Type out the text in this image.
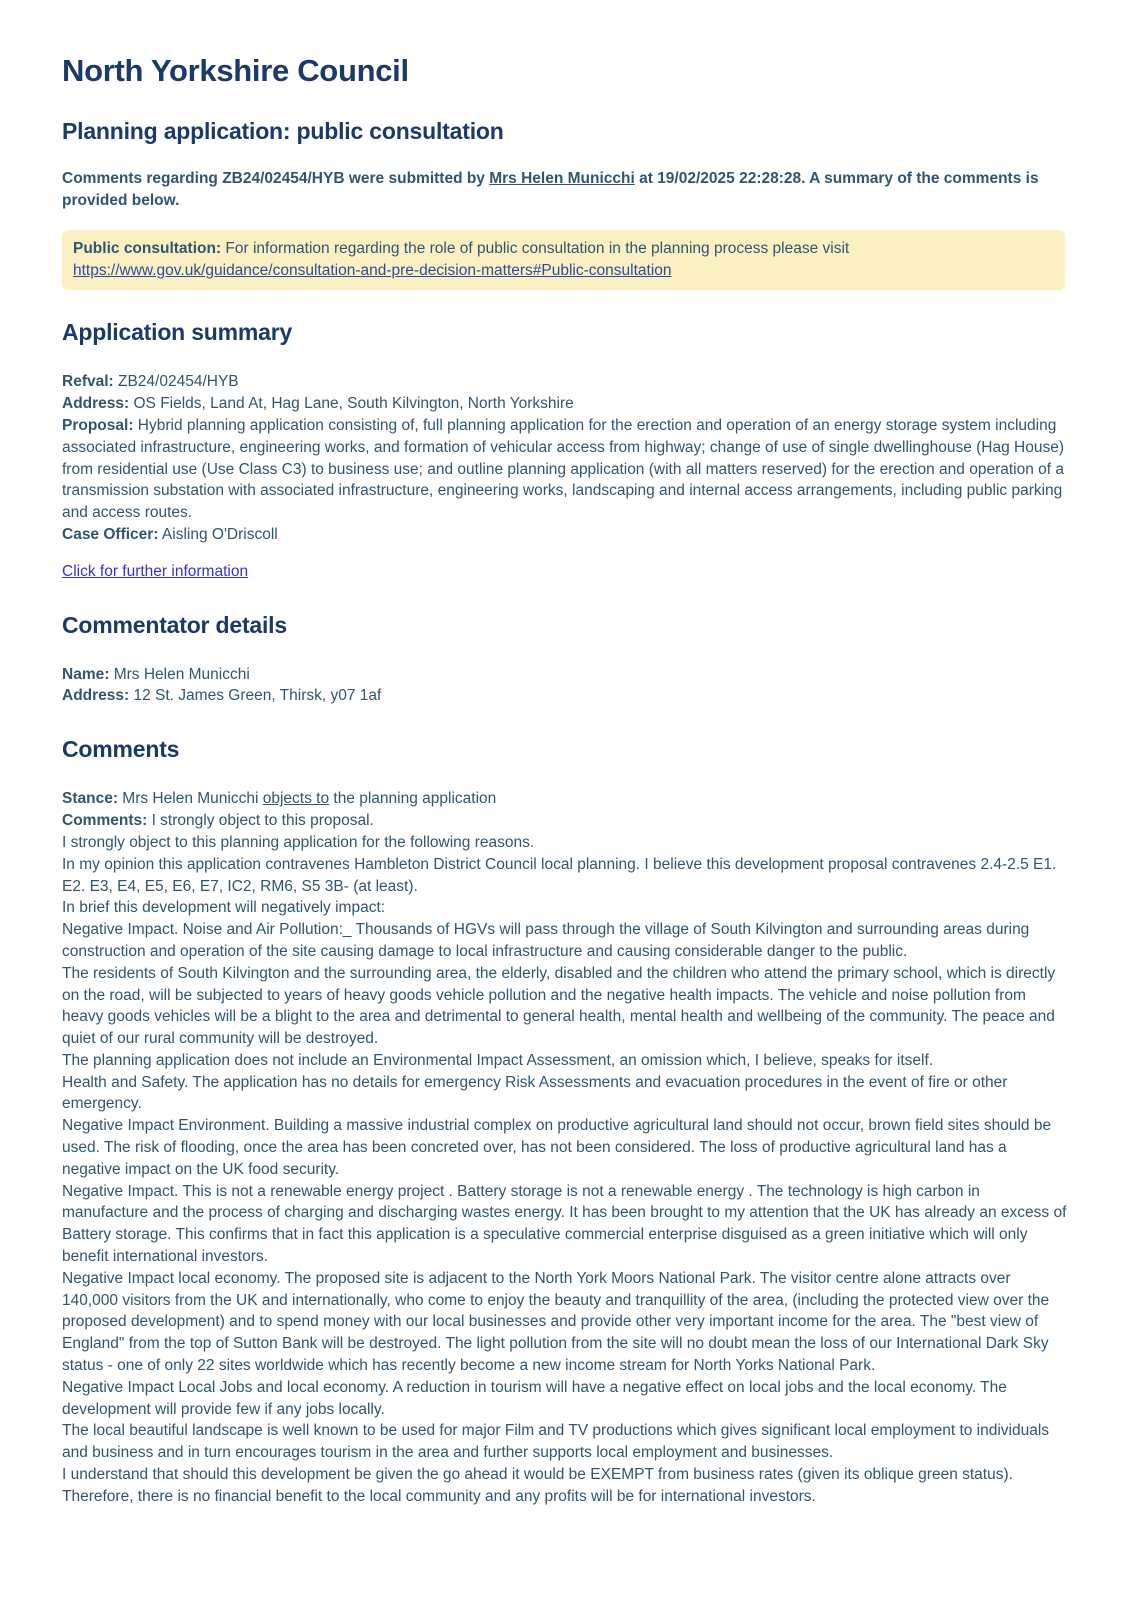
North Yorkshire Council
Planning application: public consultation

Comments regarding ZB24/02454/HYB were submitted by Mrs Helen Municchi at 19/02/2025 22:28:28. A summary of the comments is provided below.

Public consultation: For information regarding the role of public consultation in the planning process please visit
https://www.gov.uk/guidance/consultation-and-pre-decision-matters#Public-consultation
Application summary
Refval: ZB24/02454/HYB
Address: OS Fields, Land At, Hag Lane, South Kilvington, North Yorkshire
Proposal: Hybrid planning application consisting of, full planning application for the erection and operation of an energy storage system including associated infrastructure, engineering works, and formation of vehicular access from highway; change of use of single dwellinghouse (Hag House) from residential use (Use Class C3) to business use; and outline planning application (with all matters reserved) for the erection and operation of a transmission substation with associated infrastructure, engineering works, landscaping and internal access arrangements, including public parking and access routes.
Case Officer: Aisling O'Driscoll
Click for further information
Commentator details
Name: Mrs Helen Municchi
Address: 12 St. James Green, Thirsk, y07 1af
Comments
Stance: Mrs Helen Municchi objects to the planning application
Comments: I strongly object to this proposal.
I strongly object to this planning application for the following reasons.
In my opinion this application contravenes Hambleton District Council local planning. I believe this development proposal contravenes 2.4-2.5 E1. E2. E3, E4, E5, E6, E7, IC2, RM6, S5 3B- (at least).
In brief this development will negatively impact:
Negative Impact. Noise and Air Pollution:_ Thousands of HGVs will pass through the village of South Kilvington and surrounding areas during construction and operation of the site causing damage to local infrastructure and causing considerable danger to the public.
The residents of South Kilvington and the surrounding area, the elderly, disabled and the children who attend the primary school, which is directly on the road, will be subjected to years of heavy goods vehicle pollution and the negative health impacts. The vehicle and noise pollution from heavy goods vehicles will be a blight to the area and detrimental to general health, mental health and wellbeing of the community. The peace and quiet of our rural community will be destroyed.
The planning application does not include an Environmental Impact Assessment, an omission which, I believe, speaks for itself.
Health and Safety. The application has no details for emergency Risk Assessments and evacuation procedures in the event of fire or other emergency.
Negative Impact Environment. Building a massive industrial complex on productive agricultural land should not occur, brown field sites should be used. The risk of flooding, once the area has been concreted over, has not been considered. The loss of productive agricultural land has a negative impact on the UK food security.
Negative Impact. This is not a renewable energy project . Battery storage is not a renewable energy . The technology is high carbon in manufacture and the process of charging and discharging wastes energy. It has been brought to my attention that the UK has already an excess of Battery storage. This confirms that in fact this application is a speculative commercial enterprise disguised as a green initiative which will only benefit international investors.
Negative Impact local economy. The proposed site is adjacent to the North York Moors National Park. The visitor centre alone attracts over 140,000 visitors from the UK and internationally, who come to enjoy the beauty and tranquillity of the area, (including the protected view over the proposed development) and to spend money with our local businesses and provide other very important income for the area. The "best view of England" from the top of Sutton Bank will be destroyed. The light pollution from the site will no doubt mean the loss of our International Dark Sky status - one of only 22 sites worldwide which has recently become a new income stream for North Yorks National Park.
Negative Impact Local Jobs and local economy. A reduction in tourism will have a negative effect on local jobs and the local economy. The development will provide few if any jobs locally.
The local beautiful landscape is well known to be used for major Film and TV productions which gives significant local employment to individuals and business and in turn encourages tourism in the area and further supports local employment and businesses.
I understand that should this development be given the go ahead it would be EXEMPT from business rates (given its oblique green status). Therefore, there is no financial benefit to the local community and any profits will be for international investors.
